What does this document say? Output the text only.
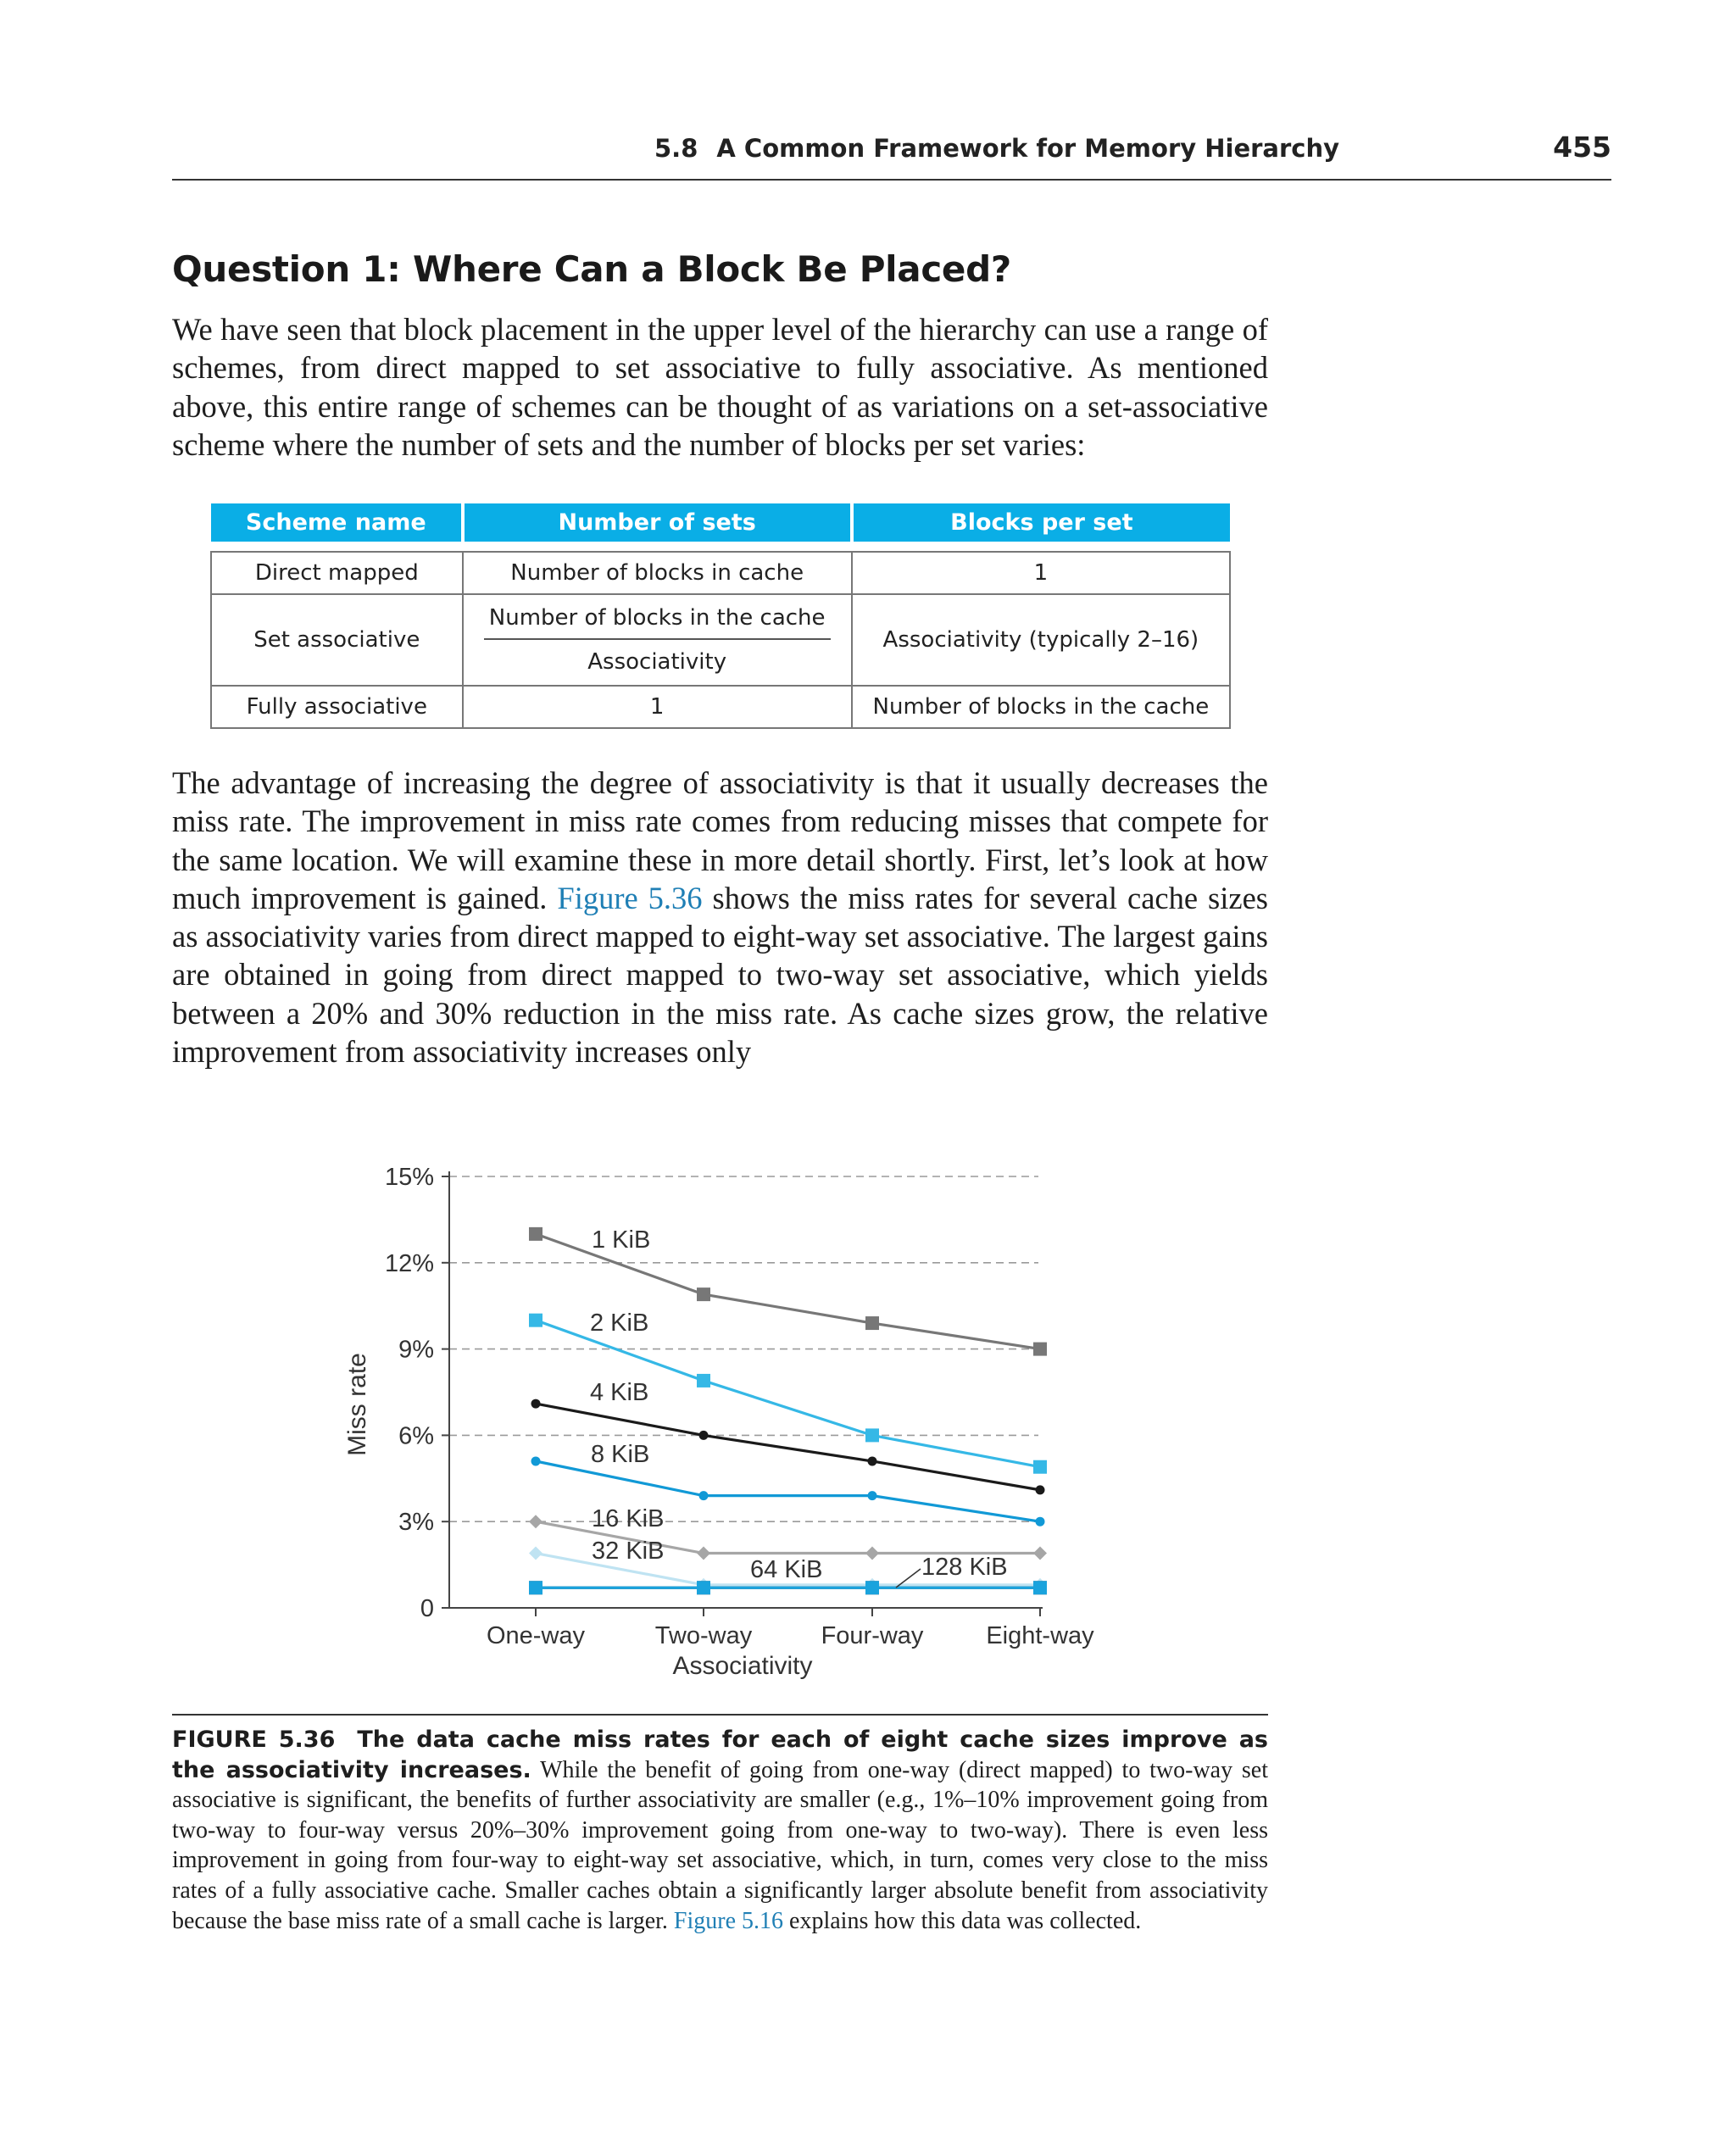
5.8 A Common Framework for Memory Hierarchy	455
Question 1: Where Can a Block Be Placed?

We have seen that block placement in the upper level of the hierarchy can use a range of schemes, from direct mapped to set associative to fully associative. As mentioned above, this entire range of schemes can be thought of as variations on a set-associative scheme where the number of sets and the number of blocks per set varies:

Scheme name	Number of sets	Blocks per set

Direct mapped	Number of blocks in cache	1
Set associative	$\frac{\text{Number of blocks in the cache}}{\text{Associativity}}$	Associativity (typically 2–16)
Fully associative	1	Number of blocks in the cache

The advantage of increasing the degree of associativity is that it usually decreases the miss rate. The improvement in miss rate comes from reducing misses that compete for the same location. We will examine these in more detail shortly. First, let’s look at how much improvement is gained. Figure 5.36 shows the miss rates for several cache sizes as associativity varies from direct mapped to eight-way set associative. The largest gains are obtained in going from direct mapped to two-way set associative, which yields between a 20% and 30% reduction in the miss rate. As cache sizes grow, the relative improvement from associativity increases only

0
3%
6%
9%
12%
15%
One-way	Two-way	Four-way	Eight-way
1 KiB
2 KiB
4 KiB
8 KiB
16 KiB
32 KiB
64 KiB	128 KiB
Miss rate
Associativity

FIGURE 5.36 The data cache miss rates for each of eight cache sizes improve as the associativity increases. While the benefit of going from one-way (direct mapped) to two-way set associative is significant, the benefits of further associativity are smaller (e.g., 1%–10% improvement going from two-way to four-way versus 20%–30% improvement going from one-way to two-way). There is even less improvement in going from four-way to eight-way set associative, which, in turn, comes very close to the miss rates of a fully associative cache. Smaller caches obtain a significantly larger absolute benefit from associativity because the base miss rate of a small cache is larger. Figure 5.16 explains how this data was collected.
